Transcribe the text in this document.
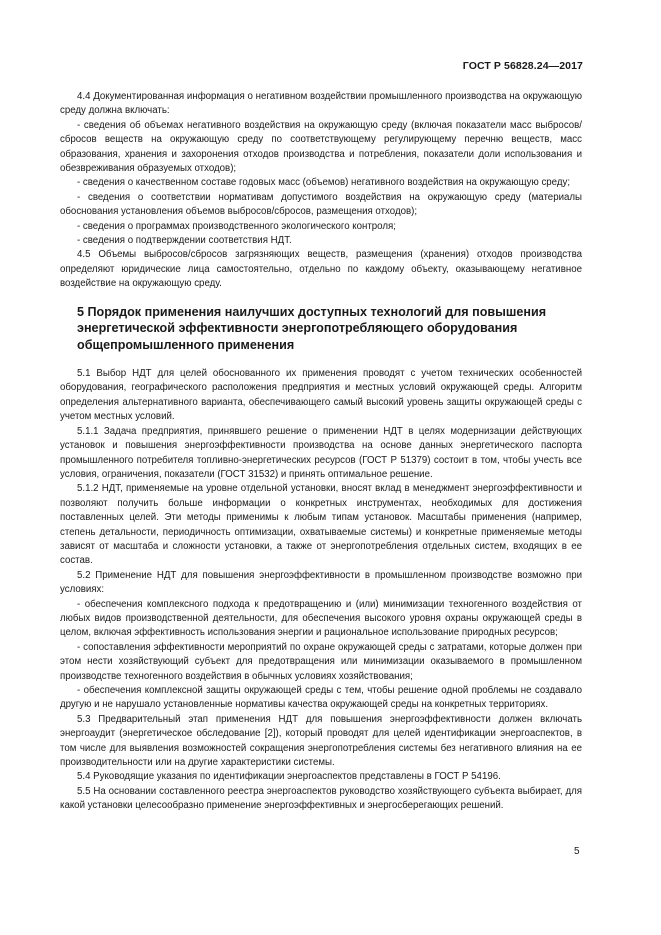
ГОСТ Р 56828.24—2017

4.4 Документированная информация о негативном воздействии промышленного производства на окружающую среду должна включать:

- сведения об объемах негативного воздействия на окружающую среду (включая показатели масс выбросов/сбросов веществ на окружающую среду по соответствующему регулирующему перечню веществ, масс образования, хранения и захоронения отходов производства и потребления, показатели доли использования и обезвреживания образуемых отходов);

- сведения о качественном составе годовых масс (объемов) негативного воздействия на окружающую среду;

- сведения о соответствии нормативам допустимого воздействия на окружающую среду (материалы обоснования установления объемов выбросов/сбросов, размещения отходов);

- сведения о программах производственного экологического контроля;

- сведения о подтверждении соответствия НДТ.

4.5 Объемы выбросов/сбросов загрязняющих веществ, размещения (хранения) отходов производства определяют юридические лица самостоятельно, отдельно по каждому объекту, оказывающему негативное воздействие на окружающую среду.

5 Порядок применения наилучших доступных технологий для повышения энергетической эффективности энергопотребляющего оборудования общепромышленного применения

5.1 Выбор НДТ для целей обоснованного их применения проводят с учетом технических особенностей оборудования, географического расположения предприятия и местных условий окружающей среды. Алгоритм определения альтернативного варианта, обеспечивающего самый высокий уровень защиты окружающей среды с учетом местных условий.

5.1.1 Задача предприятия, принявшего решение о применении НДТ в целях модернизации действующих установок и повышения энергоэффективности производства на основе данных энергетического паспорта промышленного потребителя топливно-энергетических ресурсов (ГОСТ Р 51379) состоит в том, чтобы учесть все условия, ограничения, показатели (ГОСТ 31532) и принять оптимальное решение.

5.1.2 НДТ, применяемые на уровне отдельной установки, вносят вклад в менеджмент энергоэффективности и позволяют получить больше информации о конкретных инструментах, необходимых для достижения поставленных целей. Эти методы применимы к любым типам установок. Масштабы применения (например, степень детальности, периодичность оптимизации, охватываемые системы) и конкретные применяемые методы зависят от масштаба и сложности установки, а также от энергопотребления отдельных систем, входящих в ее состав.

5.2 Применение НДТ для повышения энергоэффективности в промышленном производстве возможно при условиях:

- обеспечения комплексного подхода к предотвращению и (или) минимизации техногенного воздействия от любых видов производственной деятельности, для обеспечения высокого уровня охраны окружающей среды в целом, включая эффективность использования энергии и рациональное использование природных ресурсов;

- сопоставления эффективности мероприятий по охране окружающей среды с затратами, которые должен при этом нести хозяйствующий субъект для предотвращения или минимизации оказываемого в промышленном производстве техногенного воздействия в обычных условиях хозяйствования;

- обеспечения комплексной защиты окружающей среды с тем, чтобы решение одной проблемы не создавало другую и не нарушало установленные нормативы качества окружающей среды на конкретных территориях.

5.3 Предварительный этап применения НДТ для повышения энергоэффективности должен включать энергоаудит (энергетическое обследование [2]), который проводят для целей идентификации энергоаспектов, в том числе для выявления возможностей сокращения энергопотребления системы без негативного влияния на ее производительности или на другие характеристики системы.

5.4 Руководящие указания по идентификации энергоаспектов представлены в ГОСТ Р 54196.

5.5 На основании составленного реестра энергоаспектов руководство хозяйствующего субъекта выбирает, для какой установки целесообразно применение энергоэффективных и энергосберегающих решений.

5
